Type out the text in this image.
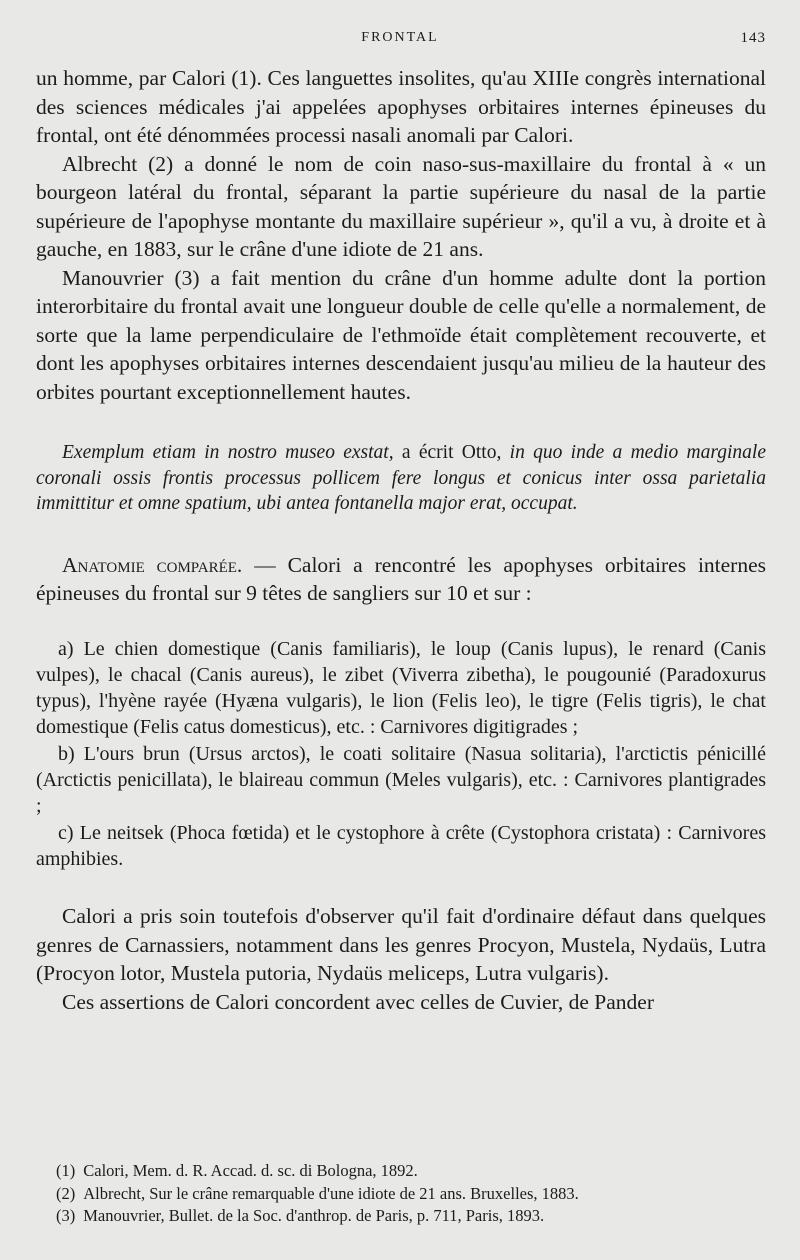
FRONTAL	143

un homme, par Calori (1). Ces languettes insolites, qu'au XIIIe congrès international des sciences médicales j'ai appelées apophyses orbitaires internes épineuses du frontal, ont été dénommées processi nasali anomali par Calori.

Albrecht (2) a donné le nom de coin naso-sus-maxillaire du frontal à « un bourgeon latéral du frontal, séparant la partie supérieure du nasal de la partie supérieure de l'apophyse montante du maxillaire supérieur », qu'il a vu, à droite et à gauche, en 1883, sur le crâne d'une idiote de 21 ans.

Manouvrier (3) a fait mention du crâne d'un homme adulte dont la portion interorbitaire du frontal avait une longueur double de celle qu'elle a normalement, de sorte que la lame perpendiculaire de l'ethmoïde était complètement recouverte, et dont les apophyses orbitaires internes descendaient jusqu'au milieu de la hauteur des orbites pourtant exceptionnellement hautes.

Exemplum etiam in nostro museo exstat, a écrit Otto, in quo inde a medio marginale coronali ossis frontis processus pollicem fere longus et conicus inter ossa parietalia immittitur et omne spatium, ubi antea fontanella major erat, occupat.

Anatomie comparée. — Calori a rencontré les apophyses orbitaires internes épineuses du frontal sur 9 têtes de sangliers sur 10 et sur :

a) Le chien domestique (Canis familiaris), le loup (Canis lupus), le renard (Canis vulpes), le chacal (Canis aureus), le zibet (Viverra zibetha), le pougounié (Paradoxurus typus), l'hyène rayée (Hyæna vulgaris), le lion (Felis leo), le tigre (Felis tigris), le chat domestique (Felis catus domesticus), etc. : Carnivores digitigrades ;

b) L'ours brun (Ursus arctos), le coati solitaire (Nasua solitaria), l'arctictis pénicillé (Arctictis penicillata), le blaireau commun (Meles vulgaris), etc. : Carnivores plantigrades ;

c) Le neitsek (Phoca fœtida) et le cystophore à crête (Cystophora cristata) : Carnivores amphibies.

Calori a pris soin toutefois d'observer qu'il fait d'ordinaire défaut dans quelques genres de Carnassiers, notamment dans les genres Procyon, Mustela, Nydaüs, Lutra (Procyon lotor, Mustela putoria, Nydaüs meliceps, Lutra vulgaris).

Ces assertions de Calori concordent avec celles de Cuvier, de Pander

(1) Calori, Mem. d. R. Accad. d. sc. di Bologna, 1892.

(2) Albrecht, Sur le crâne remarquable d'une idiote de 21 ans. Bruxelles, 1883.

(3) Manouvrier, Bullet. de la Soc. d'anthrop. de Paris, p. 711, Paris, 1893.
